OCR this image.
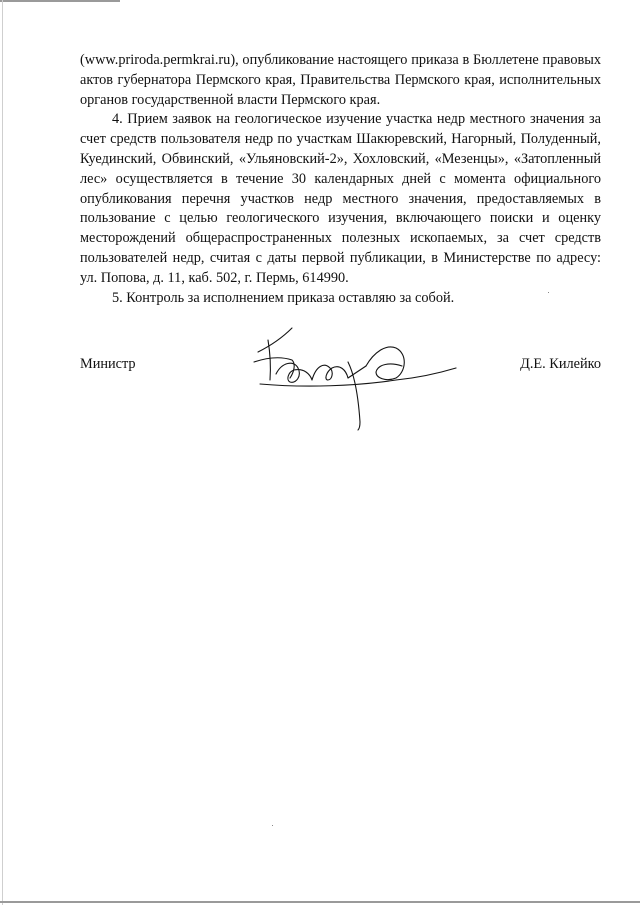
(www.priroda.permkrai.ru), опубликование настоящего приказа в Бюллетене правовых актов губернатора Пермского края, Правительства Пермского края, исполнительных органов государственной власти Пермского края.

4. Прием заявок на геологическое изучение участка недр местного значения за счет средств пользователя недр по участкам Шакюревский, Нагорный, Полуденный, Куединский, Обвинский, «Ульяновский-2», Хохловский, «Мезенцы», «Затопленный лес» осуществляется в течение 30 календарных дней с момента официального опубликования перечня участков недр местного значения, предоставляемых в пользование с целью геологического изучения, включающего поиски и оценку месторождений общераспространенных полезных ископаемых, за счет средств пользователей недр, считая с даты первой публикации, в Министерстве по адресу: ул. Попова, д. 11, каб. 502, г. Пермь, 614990.

5. Контроль за исполнением приказа оставляю за собой.

Министр	Д.Е. Килейко
